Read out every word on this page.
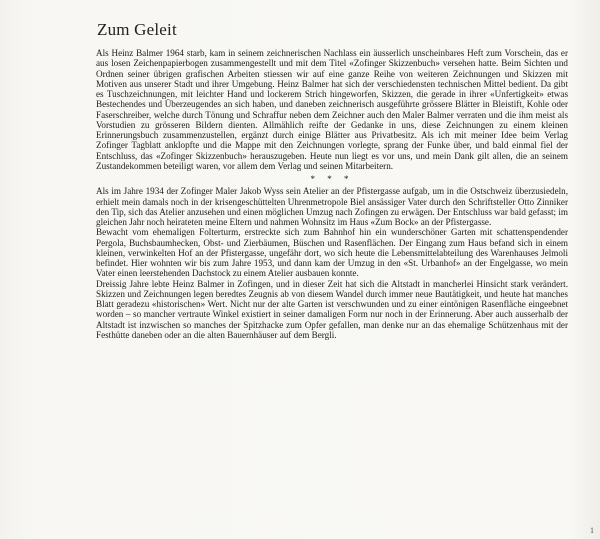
Zum Geleit

Als Heinz Balmer 1964 starb, kam in seinem zeichnerischen Nachlass ein äusserlich unscheinbares Heft zum Vorschein, das er aus losen Zeichenpapierbogen zusammengestellt und mit dem Titel «Zofinger Skizzenbuch» versehen hatte. Beim Sichten und Ordnen seiner übrigen grafischen Arbeiten stiessen wir auf eine ganze Reihe von weiteren Zeichnungen und Skizzen mit Motiven aus unserer Stadt und ihrer Umgebung. Heinz Balmer hat sich der verschiedensten technischen Mittel bedient. Da gibt es Tuschzeichnungen, mit leichter Hand und lockerem Strich hingeworfen, Skizzen, die gerade in ihrer «Unfertigkeit» etwas Bestechendes und Überzeugendes an sich haben, und daneben zeichnerisch ausgeführte grössere Blätter in Bleistift, Kohle oder Faserschreiber, welche durch Tönung und Schraffur neben dem Zeichner auch den Maler Balmer verraten und die ihm meist als Vorstudien zu grösseren Bildern dienten. Allmählich reifte der Gedanke in uns, diese Zeichnungen zu einem kleinen Erinnerungsbuch zusammenzustellen, ergänzt durch einige Blätter aus Privatbesitz. Als ich mit meiner Idee beim Verlag Zofinger Tagblatt anklopfte und die Mappe mit den Zeichnungen vorlegte, sprang der Funke über, und bald einmal fiel der Entschluss, das «Zofinger Skizzenbuch» herauszugeben. Heute nun liegt es vor uns, und mein Dank gilt allen, die an seinem Zustandekommen beteiligt waren, vor allem dem Verlag und seinen Mitarbeitern.

* * *

Als im Jahre 1934 der Zofinger Maler Jakob Wyss sein Atelier an der Pfistergasse aufgab, um in die Ostschweiz überzusiedeln, erhielt mein damals noch in der krisengeschüttelten Uhrenmetropole Biel ansässiger Vater durch den Schriftsteller Otto Zinniker den Tip, sich das Atelier anzusehen und einen möglichen Umzug nach Zofingen zu erwägen. Der Entschluss war bald gefasst; im gleichen Jahr noch heirateten meine Eltern und nahmen Wohnsitz im Haus «Zum Bock» an der Pfistergasse.

Bewacht vom ehemaligen Folterturm, erstreckte sich zum Bahnhof hin ein wunderschöner Garten mit schattenspendender Pergola, Buchsbaumhecken, Obst- und Zierbäumen, Büschen und Rasenflächen. Der Eingang zum Haus befand sich in einem kleinen, verwinkelten Hof an der Pfistergasse, ungefähr dort, wo sich heute die Lebensmittelabteilung des Warenhauses Jelmoli befindet. Hier wohnten wir bis zum Jahre 1953, und dann kam der Umzug in den «St. Urbanhof» an der Engelgasse, wo mein Vater einen leerstehenden Dachstock zu einem Atelier ausbauen konnte.

Dreissig Jahre lebte Heinz Balmer in Zofingen, und in dieser Zeit hat sich die Altstadt in mancherlei Hinsicht stark verändert. Skizzen und Zeichnungen legen beredtes Zeugnis ab von diesem Wandel durch immer neue Bautätigkeit, und heute hat manches Blatt geradezu «historischen» Wert. Nicht nur der alte Garten ist verschwunden und zu einer eintönigen Rasenfläche eingeebnet worden – so mancher vertraute Winkel existiert in seiner damaligen Form nur noch in der Erinnerung. Aber auch ausserhalb der Altstadt ist inzwischen so manches der Spitzhacke zum Opfer gefallen, man denke nur an das ehemalige Schützenhaus mit der Festhütte daneben oder an die alten Bauernhäuser auf dem Bergli.

1
